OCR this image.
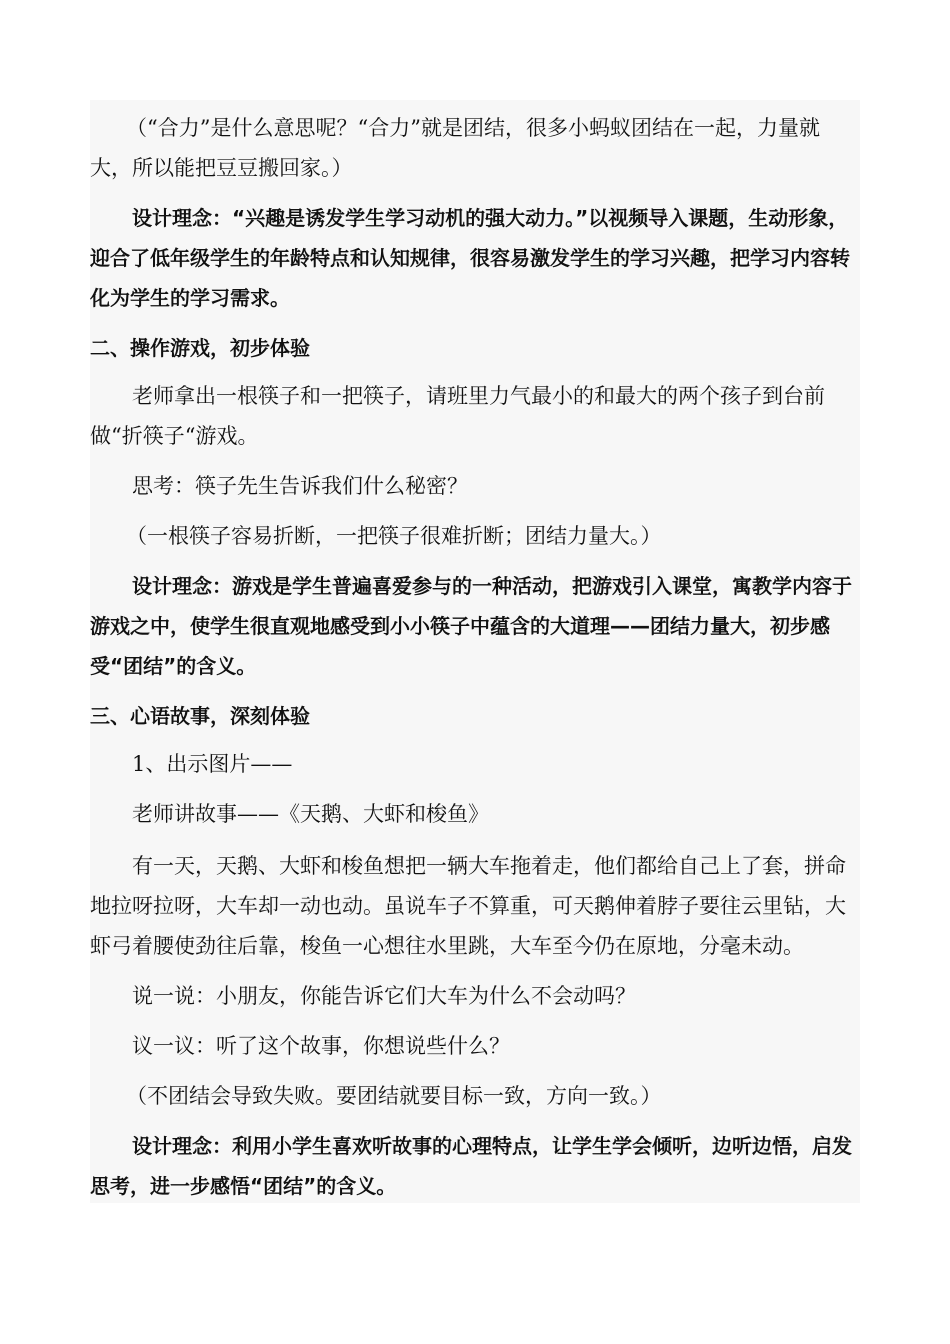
（“合力”是什么意思呢？“合力”就是团结，很多小蚂蚁团结在一起，力量就大，所以能把豆豆搬回家。）

设计理念：“兴趣是诱发学生学习动机的强大动力。”以视频导入课题，生动形象，迎合了低年级学生的年龄特点和认知规律，很容易激发学生的学习兴趣，把学习内容转化为学生的学习需求。

二、操作游戏，初步体验

老师拿出一根筷子和一把筷子，请班里力气最小的和最大的两个孩子到台前做“折筷子“游戏。

思考：筷子先生告诉我们什么秘密？

（一根筷子容易折断，一把筷子很难折断；团结力量大。）

设计理念：游戏是学生普遍喜爱参与的一种活动，把游戏引入课堂，寓教学内容于游戏之中，使学生很直观地感受到小小筷子中蕴含的大道理——团结力量大，初步感受“团结”的含义。

三、心语故事，深刻体验

1、出示图片——

老师讲故事——《天鹅、大虾和梭鱼》

有一天，天鹅、大虾和梭鱼想把一辆大车拖着走，他们都给自己上了套，拼命地拉呀拉呀，大车却一动也动。虽说车子不算重，可天鹅伸着脖子要往云里钻，大虾弓着腰使劲往后靠，梭鱼一心想往水里跳，大车至今仍在原地，分毫未动。

说一说：小朋友，你能告诉它们大车为什么不会动吗？

议一议：听了这个故事，你想说些什么？

（不团结会导致失败。要团结就要目标一致，方向一致。）

设计理念：利用小学生喜欢听故事的心理特点，让学生学会倾听，边听边悟，启发思考，进一步感悟“团结”的含义。
